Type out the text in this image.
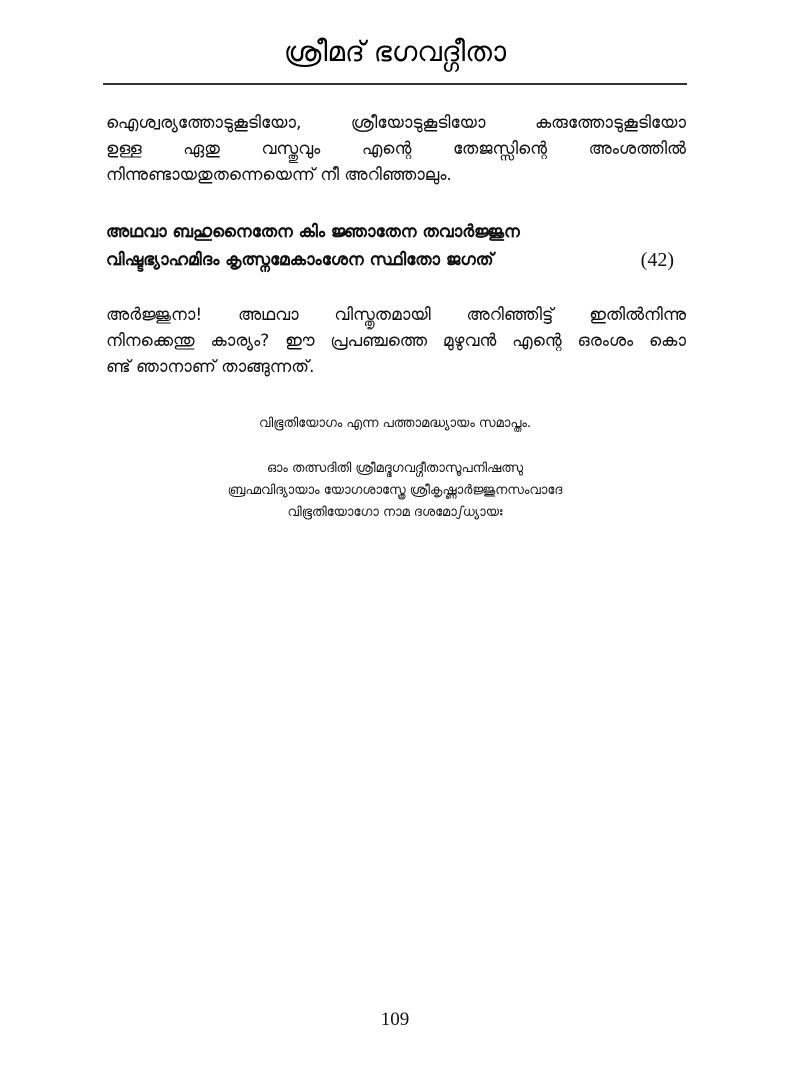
ശ്രീമദ് ഭഗവദ്ഗീതാ
ഐശ്വര്യത്തോടുകൂടിയോ, ശ്രീയോടുകൂടിയോ കരുത്തോടുകൂടിയോ
ഉള്ള ഏതു വസ്തുവും എന്റെ തേജസ്സിന്റെ അംശത്തിൽ
നിന്നുണ്ടായതുതന്നെയെന്ന് നീ അറിഞ്ഞാലും.
അഥവാ ബഹുനൈതേന കിം ജ്ഞാതേന തവാർജ്ജുന
വിഷ്ടഭ്യാഹമിദം കൃത്സ്നമേകാംശേന സ്ഥിതോ ജഗത്	(42)
അർജ്ജുനാ! അഥവാ വിസ്തൃതമായി അറിഞ്ഞിട്ട് ഇതിൽനിന്നു
നിനക്കെന്തു കാര്യം? ഈ പ്രപഞ്ചത്തെ മുഴുവൻ എന്റെ ഒരംശം കൊ
ണ്ട് ഞാനാണ് താങ്ങുന്നത്.
വിഭൂതിയോഗം എന്ന പത്താമദ്ധ്യായം സമാപ്തം.
ഓം തത്സദിതി ശ്രീമദ്ഭഗവദ്ഗീതാസൂപനിഷത്സു
ബ്രഹ്മവിദ്യായാം യോഗശാസ്ത്രേ ശ്രീകൃഷ്ണാർജ്ജുനസംവാദേ
വിഭൂതിയോഗോ നാമ ദശമോഽധ്യായഃ
109
